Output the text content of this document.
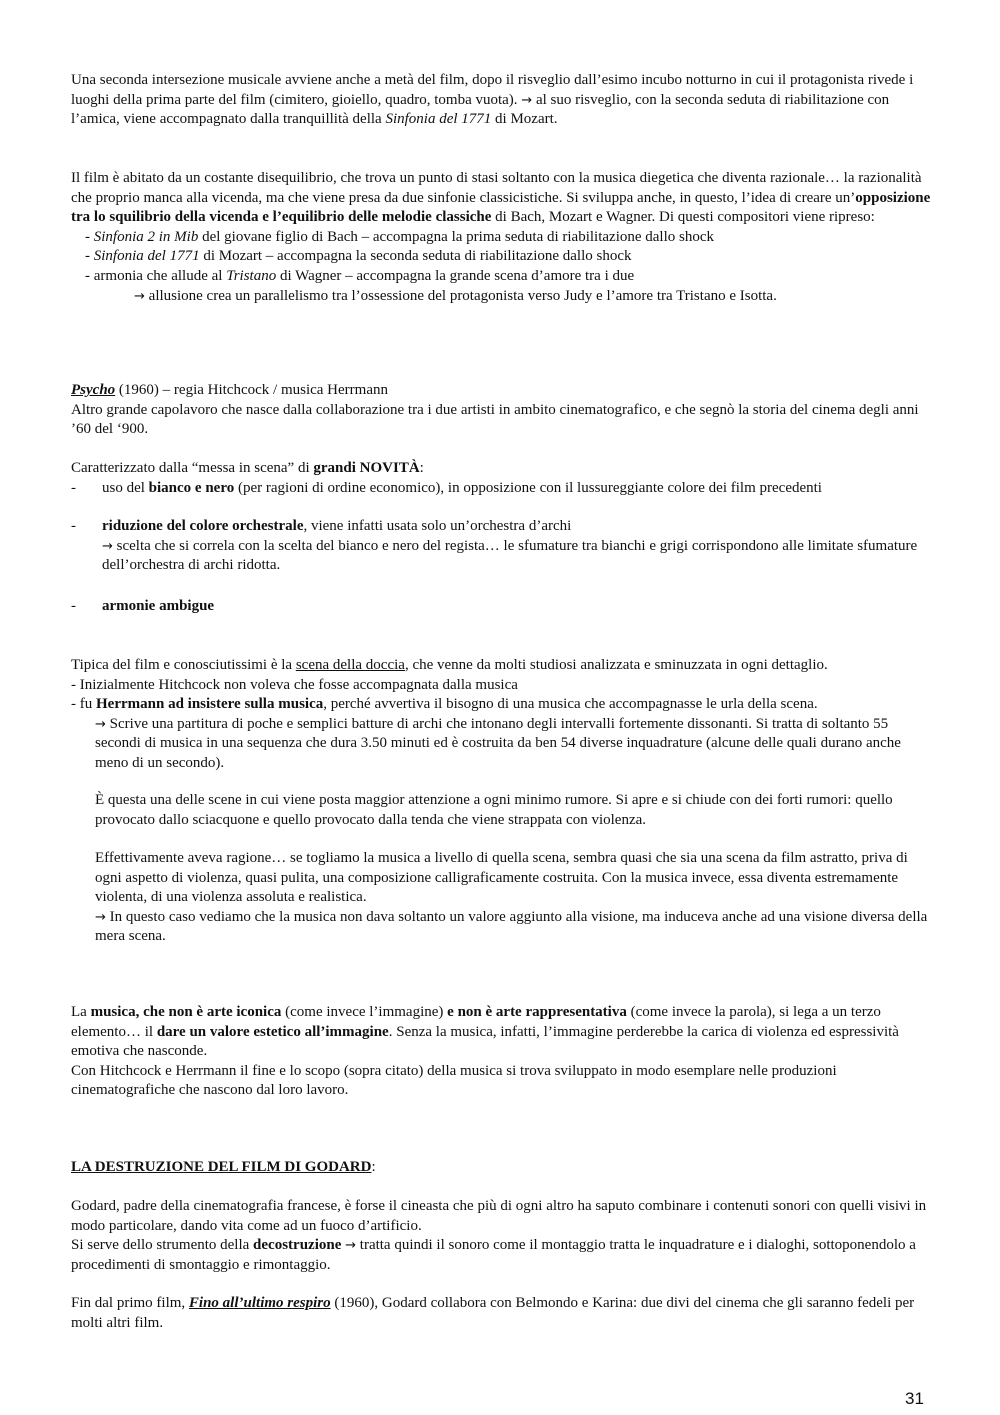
Una seconda intersezione musicale avviene anche a metà del film, dopo il risveglio dall’esimo incubo notturno in cui il protagonista rivede i luoghi della prima parte del film (cimitero, gioiello, quadro, tomba vuota). → al suo risveglio, con la seconda seduta di riabilitazione con l’amica, viene accompagnato dalla tranquillità della Sinfonia del 1771 di Mozart.

Il film è abitato da un costante disequilibrio, che trova un punto di stasi soltanto con la musica diegetica che diventa razionale… la razionalità che proprio manca alla vicenda, ma che viene presa da due sinfonie classicistiche. Si sviluppa anche, in questo, l’idea di creare un’opposizione tra lo squilibrio della vicenda e l’equilibrio delle melodie classiche di Bach, Mozart e Wagner. Di questi compositori viene ripreso:

- Sinfonia 2 in Mib del giovane figlio di Bach – accompagna la prima seduta di riabilitazione dallo shock

- Sinfonia del 1771 di Mozart – accompagna la seconda seduta di riabilitazione dallo shock

- armonia che allude al Tristano di Wagner – accompagna la grande scena d’amore tra i due

→ allusione crea un parallelismo tra l’ossessione del protagonista verso Judy e l’amore tra Tristano e Isotta.

Psycho (1960) – regia Hitchcock / musica Herrmann

Altro grande capolavoro che nasce dalla collaborazione tra i due artisti in ambito cinematografico, e che segnò la storia del cinema degli anni ’60 del ‘900.

Caratterizzato dalla “messa in scena” di grandi NOVITÀ:

- uso del bianco e nero (per ragioni di ordine economico), in opposizione con il lussureggiante colore dei film precedenti

- riduzione del colore orchestrale, viene infatti usata solo un’orchestra d’archi

→ scelta che si correla con la scelta del bianco e nero del regista… le sfumature tra bianchi e grigi corrispondono alle limitate sfumature dell’orchestra di archi ridotta.

- armonie ambigue

Tipica del film e conosciutissimi è la scena della doccia, che venne da molti studiosi analizzata e sminuzzata in ogni dettaglio.

- Inizialmente Hitchcock non voleva che fosse accompagnata dalla musica

- fu Herrmann ad insistere sulla musica, perché avvertiva il bisogno di una musica che accompagnasse le urla della scena.

→ Scrive una partitura di poche e semplici batture di archi che intonano degli intervalli fortemente dissonanti. Si tratta di soltanto 55 secondi di musica in una sequenza che dura 3.50 minuti ed è costruita da ben 54 diverse inquadrature (alcune delle quali durano anche meno di un secondo).

È questa una delle scene in cui viene posta maggior attenzione a ogni minimo rumore. Si apre e si chiude con dei forti rumori: quello provocato dallo sciacquone e quello provocato dalla tenda che viene strappata con violenza.

Effettivamente aveva ragione… se togliamo la musica a livello di quella scena, sembra quasi che sia una scena da film astratto, priva di ogni aspetto di violenza, quasi pulita, una composizione calligraficamente costruita. Con la musica invece, essa diventa estremamente violenta, di una violenza assoluta e realistica.

→ In questo caso vediamo che la musica non dava soltanto un valore aggiunto alla visione, ma induceva anche ad una visione diversa della mera scena.

La musica, che non è arte iconica (come invece l’immagine) e non è arte rappresentativa (come invece la parola), si lega a un terzo elemento… il dare un valore estetico all’immagine. Senza la musica, infatti, l’immagine perderebbe la carica di violenza ed espressività emotiva che nasconde.

Con Hitchcock e Herrmann il fine e lo scopo (sopra citato) della musica si trova sviluppato in modo esemplare nelle produzioni cinematografiche che nascono dal loro lavoro.

LA DESTRUZIONE DEL FILM DI GODARD:

Godard, padre della cinematografia francese, è forse il cineasta che più di ogni altro ha saputo combinare i contenuti sonori con quelli visivi in modo particolare, dando vita come ad un fuoco d’artificio.

Si serve dello strumento della decostruzione → tratta quindi il sonoro come il montaggio tratta le inquadrature e i dialoghi, sottoponendolo a procedimenti di smontaggio e rimontaggio.

Fin dal primo film, Fino all’ultimo respiro (1960), Godard collabora con Belmondo e Karina: due divi del cinema che gli saranno fedeli per molti altri film.

31
